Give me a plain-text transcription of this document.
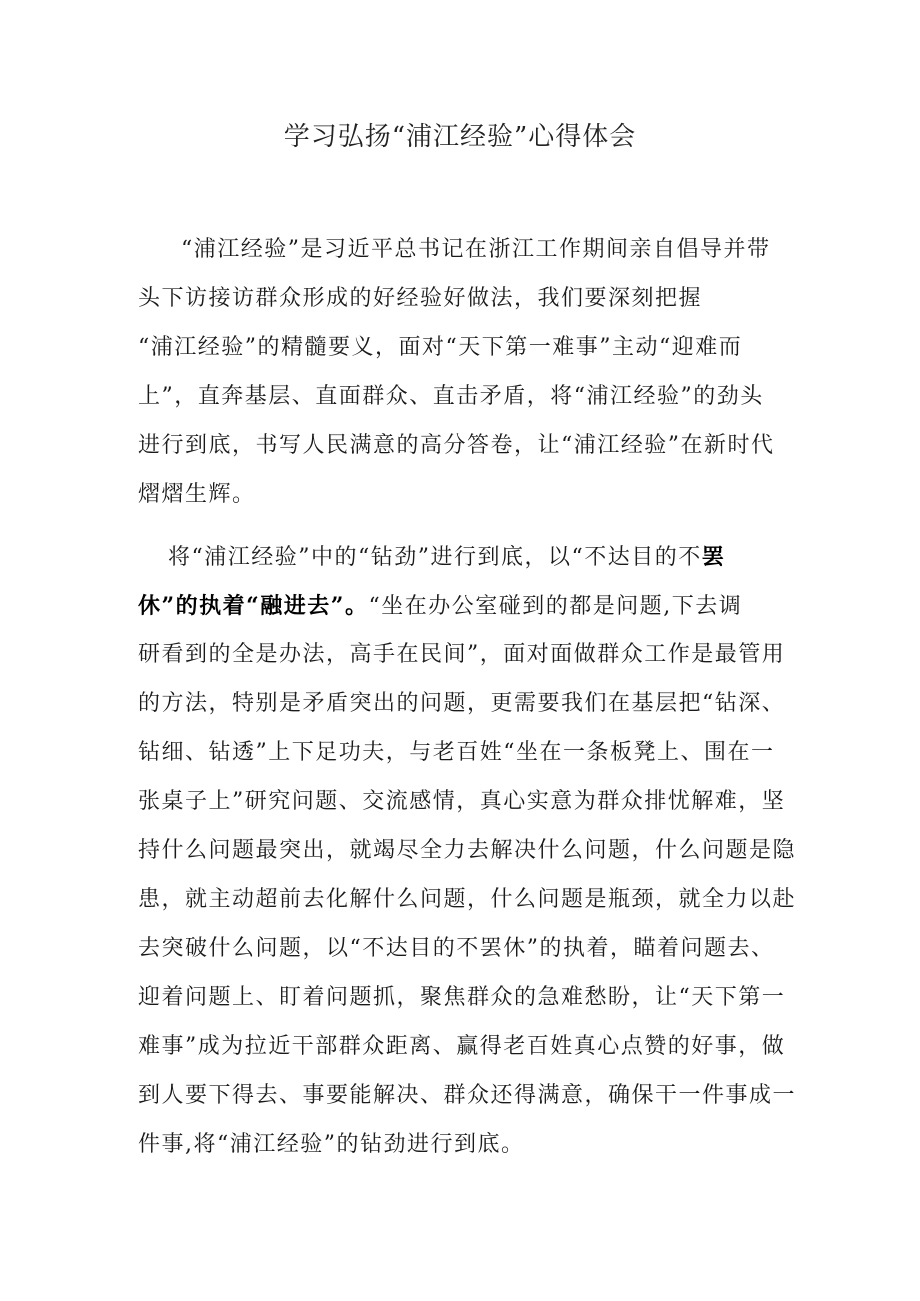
学习弘扬“浦江经验”心得体会
“浦江经验”是习近平总书记在浙江工作期间亲自倡导并带
头下访接访群众形成的好经验好做法，我们要深刻把握
“浦江经验”的精髓要义，面对“天下第一难事”主动“迎难而
上”，直奔基层、直面群众、直击矛盾，将“浦江经验”的劲头
进行到底，书写人民满意的高分答卷，让“浦江经验”在新时代
熠熠生辉。
将“浦江经验”中的“钻劲”进行到底，以“不达目的不罢
休”的执着“融进去”。“坐在办公室碰到的都是问题,下去调
研看到的全是办法，高手在民间”，面对面做群众工作是最管用
的方法，特别是矛盾突出的问题，更需要我们在基层把“钻深、
钻细、钻透”上下足功夫，与老百姓“坐在一条板凳上、围在一
张桌子上”研究问题、交流感情，真心实意为群众排忧解难，坚
持什么问题最突出，就竭尽全力去解决什么问题，什么问题是隐
患，就主动超前去化解什么问题，什么问题是瓶颈，就全力以赴
去突破什么问题，以“不达目的不罢休”的执着，瞄着问题去、
迎着问题上、盯着问题抓，聚焦群众的急难愁盼，让“天下第一
难事”成为拉近干部群众距离、赢得老百姓真心点赞的好事，做
到人要下得去、事要能解决、群众还得满意，确保干一件事成一
件事,将“浦江经验”的钻劲进行到底。
